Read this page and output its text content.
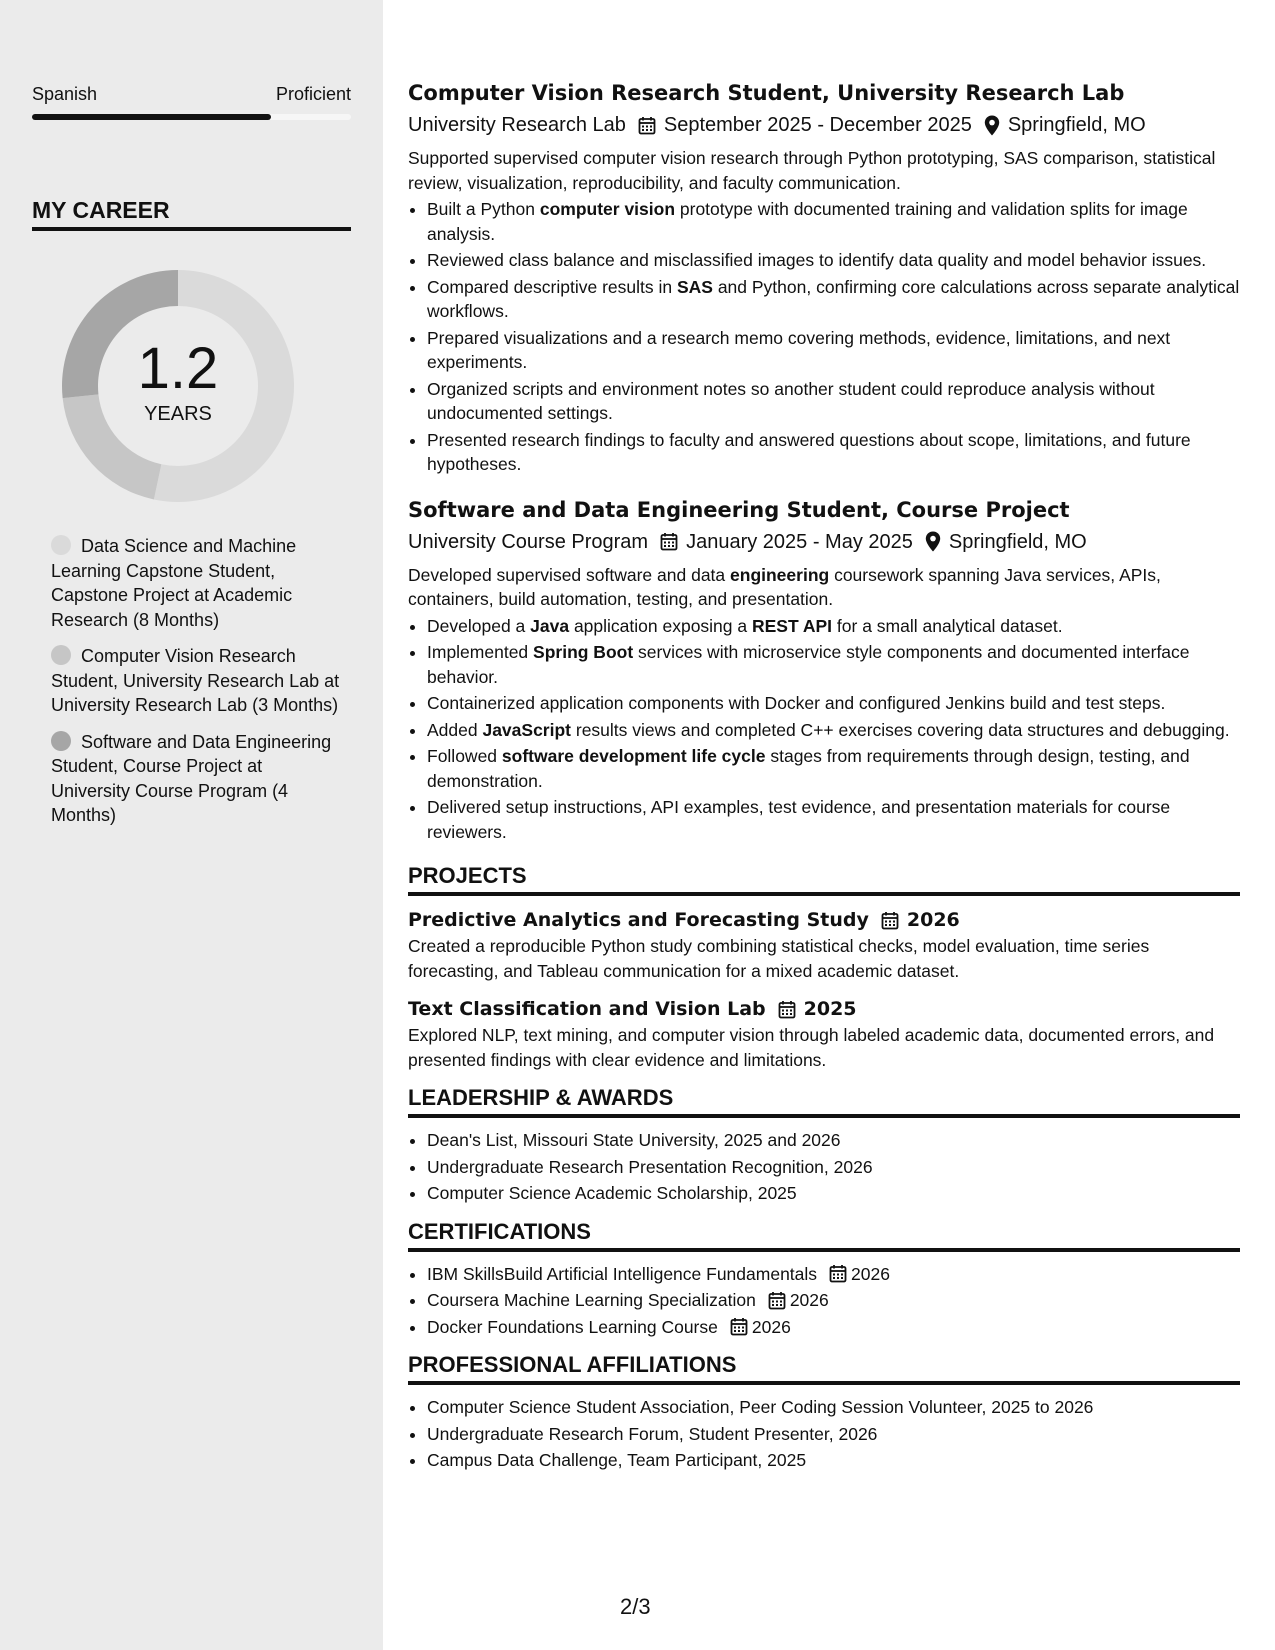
Spanish	Proficient
MY CAREER
1.2
YEARS
Data Science and Machine Learning Capstone Student, Capstone Project at Academic Research (8 Months)
Computer Vision Research Student, University Research Lab at University Research Lab (3 Months)
Software and Data Engineering Student, Course Project at University Course Program (4 Months)
Computer Vision Research Student, University Research Lab
University Research Lab September 2025 - December 2025 Springfield, MO
Supported supervised computer vision research through Python prototyping, SAS comparison, statistical review, visualization, reproducibility, and faculty communication.
• Built a Python computer vision prototype with documented training and validation splits for image analysis.
• Reviewed class balance and misclassified images to identify data quality and model behavior issues.
• Compared descriptive results in SAS and Python, confirming core calculations across separate analytical workflows.
• Prepared visualizations and a research memo covering methods, evidence, limitations, and next experiments.
• Organized scripts and environment notes so another student could reproduce analysis without undocumented settings.
• Presented research findings to faculty and answered questions about scope, limitations, and future hypotheses.
Software and Data Engineering Student, Course Project
University Course Program January 2025 - May 2025 Springfield, MO
Developed supervised software and data engineering coursework spanning Java services, APIs, containers, build automation, testing, and presentation.
• Developed a Java application exposing a REST API for a small analytical dataset.
• Implemented Spring Boot services with microservice style components and documented interface behavior.
• Containerized application components with Docker and configured Jenkins build and test steps.
• Added JavaScript results views and completed C++ exercises covering data structures and debugging.
• Followed software development life cycle stages from requirements through design, testing, and demonstration.
• Delivered setup instructions, API examples, test evidence, and presentation materials for course reviewers.
PROJECTS
Predictive Analytics and Forecasting Study 2026
Created a reproducible Python study combining statistical checks, model evaluation, time series forecasting, and Tableau communication for a mixed academic dataset.
Text Classification and Vision Lab 2025
Explored NLP, text mining, and computer vision through labeled academic data, documented errors, and presented findings with clear evidence and limitations.
LEADERSHIP & AWARDS
• Dean's List, Missouri State University, 2025 and 2026
• Undergraduate Research Presentation Recognition, 2026
• Computer Science Academic Scholarship, 2025
CERTIFICATIONS
• IBM SkillsBuild Artificial Intelligence Fundamentals 2026
• Coursera Machine Learning Specialization 2026
• Docker Foundations Learning Course 2026
PROFESSIONAL AFFILIATIONS
• Computer Science Student Association, Peer Coding Session Volunteer, 2025 to 2026
• Undergraduate Research Forum, Student Presenter, 2026
• Campus Data Challenge, Team Participant, 2025
2/3
